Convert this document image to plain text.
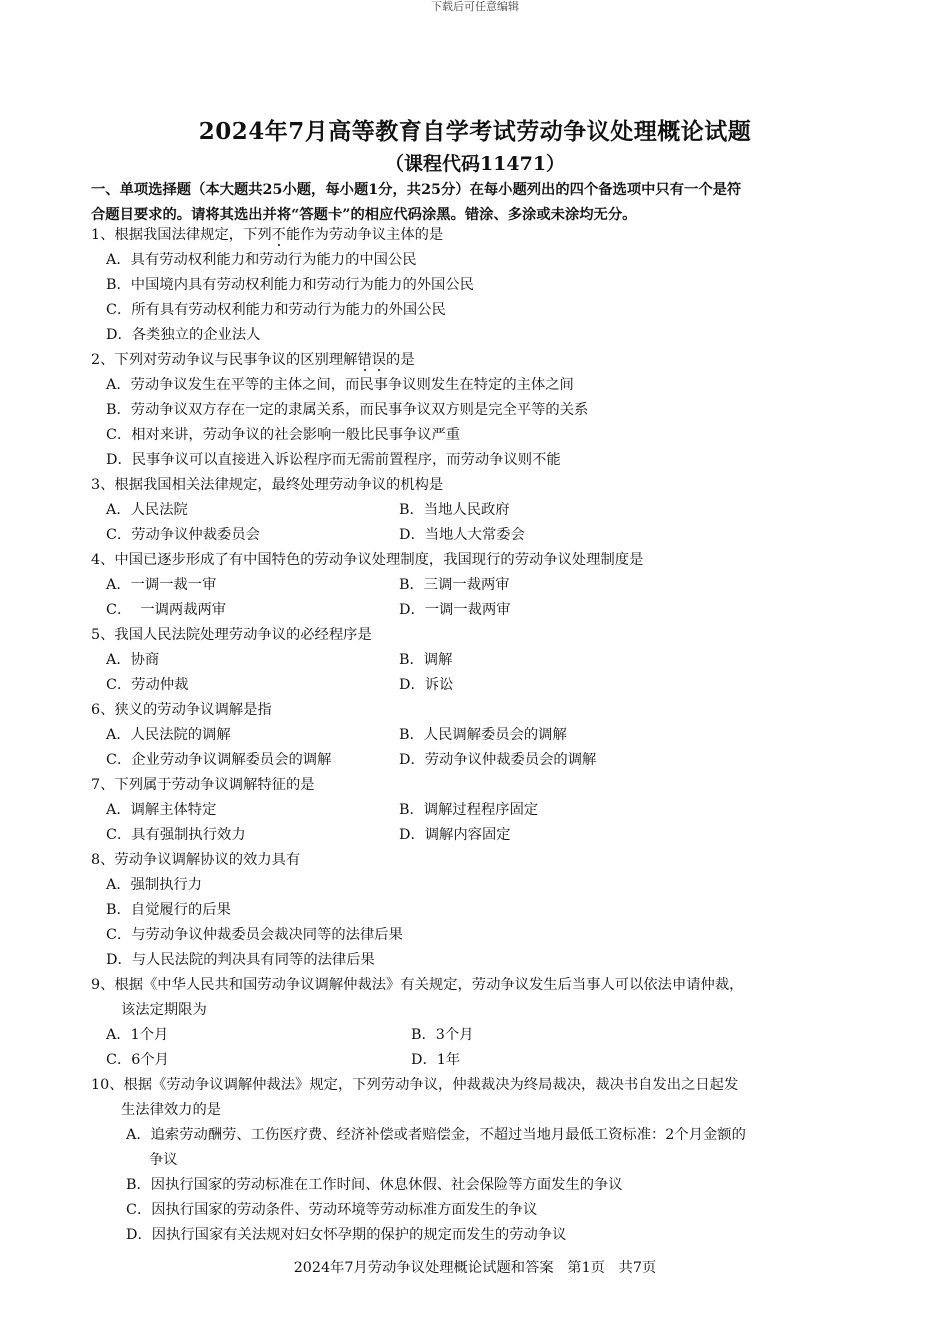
下载后可任意编辑
2024年7月高等教育自学考试劳动争议处理概论试题
（课程代码11471）
一、单项选择题（本大题共25小题，每小题1分，共25分）在每小题列出的四个备选项中只有一个是符
合题目要求的。请将其选出并将“答题卡”的相应代码涂黑。错涂、多涂或未涂均无分。
1、根据我国法律规定，下列不能作为劳动争议主体的是
A．具有劳动权利能力和劳动行为能力的中国公民
B．中国境内具有劳动权利能力和劳动行为能力的外国公民
C．所有具有劳动权利能力和劳动行为能力的外国公民
D．各类独立的企业法人
2、下列对劳动争议与民事争议的区别理解错误的是
A．劳动争议发生在平等的主体之间，而民事争议则发生在特定的主体之间
B．劳动争议双方存在一定的隶属关系，而民事争议双方则是完全平等的关系
C．相对来讲，劳动争议的社会影响一般比民事争议严重
D．民事争议可以直接进入诉讼程序而无需前置程序，而劳动争议则不能
3、根据我国相关法律规定，最终处理劳动争议的机构是
A．人民法院	B．当地人民政府
C．劳动争议仲裁委员会	D．当地人大常委会
4、中国已逐步形成了有中国特色的劳动争议处理制度，我国现行的劳动争议处理制度是
A．一调一裁一审	B．三调一裁两审
C．  一调两裁两审	D．一调一裁两审
5、我国人民法院处理劳动争议的必经程序是
A．协商	B．调解
C．劳动仲裁	D．诉讼
6、狭义的劳动争议调解是指
A．人民法院的调解	B．人民调解委员会的调解
C．企业劳动争议调解委员会的调解	D．劳动争议仲裁委员会的调解
7、下列属于劳动争议调解特征的是
A．调解主体特定	B．调解过程程序固定
C．具有强制执行效力	D．调解内容固定
8、劳动争议调解协议的效力具有
A．强制执行力
B．自觉履行的后果
C．与劳动争议仲裁委员会裁决同等的法律后果
D．与人民法院的判决具有同等的法律后果
9、根据《中华人民共和国劳动争议调解仲裁法》有关规定，劳动争议发生后当事人可以依法申请仲裁，
该法定期限为
A．1个月	B．3个月
C．6个月	D．1年
10、根据《劳动争议调解仲裁法》规定，下列劳动争议，仲裁裁决为终局裁决，裁决书自发出之日起发
生法律效力的是
A．追索劳动酬劳、工伤医疗费、经济补偿或者赔偿金，不超过当地月最低工资标准：2个月金额的
争议
B．因执行国家的劳动标准在工作时间、休息休假、社会保险等方面发生的争议
C．因执行国家的劳动条件、劳动环境等劳动标准方面发生的争议
D．因执行国家有关法规对妇女怀孕期的保护的规定而发生的劳动争议
2024年7月劳动争议处理概论试题和答案   第1页   共7页
